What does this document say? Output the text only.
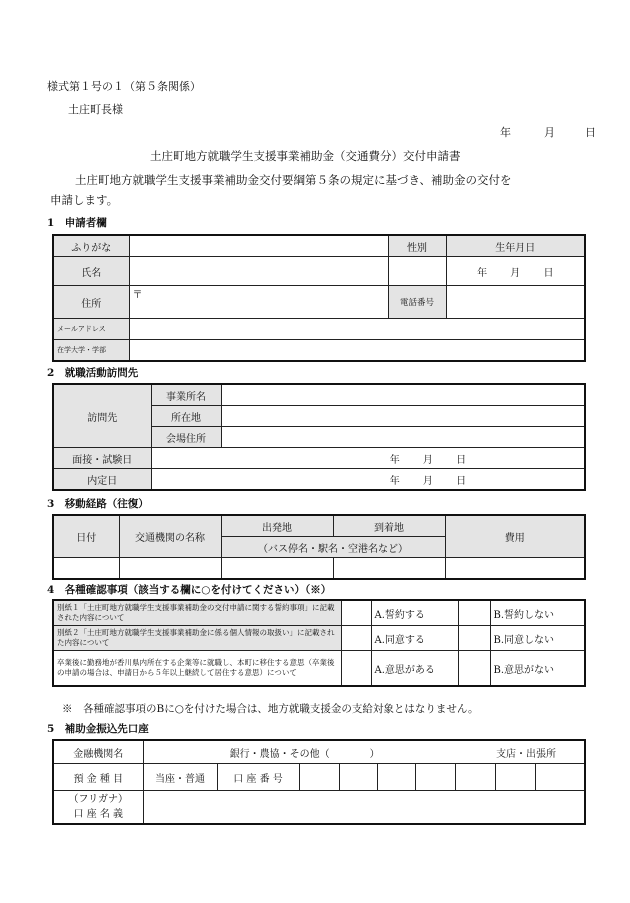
様式第１号の１（第５条関係）
土庄町長様
年	月	日
土庄町地方就職学生支援事業補助金（交通費分）交付申請書
土庄町地方就職学生支援事業補助金交付要綱第５条の規定に基づき、補助金の交付を
申請します。
1　申請者欄
ふりがな		性別	生年月日
氏名			年   月   日
住所	〒	電話番号	
メールアドレス			
在学大学・学部			
2　就職活動訪問先
訪問先	事業所名	
	所在地	
	会場住所	
面接・試験日	年   月   日	
内定日	年   月   日	
3　移動経路（往復）
日付	交通機関の名称	出発地	到着地	費用
		（バス停名・駅名・空港名など）		

4　各種確認事項（該当する欄に○を付けてください）（※）
別紙１「土庄町地方就職学生支援事業補助金の交付申請に関する誓約事項」に記載された内容について		A.誓約する		B.誓約しない
別紙２「土庄町地方就職学生支援事業補助金に係る個人情報の取扱い」に記載された内容について		A.同意する		B.同意しない
卒業後に勤務地が香川県内所在する企業等に就職し、本町に移住する意思（卒業後の申請の場合は、申請日から５年以上継続して居住する意思）について		A.意思がある		B.意思がない
※　各種確認事項のBに○を付けた場合は、地方就職支援金の支給対象とはなりません。
5　補助金振込先口座
金融機関名	銀行・農協・その他（　　　　） 支店・出張所								
預 金 種 目	当座・普通	口 座 番 号							
（フリガナ）
口 座 名 義									
